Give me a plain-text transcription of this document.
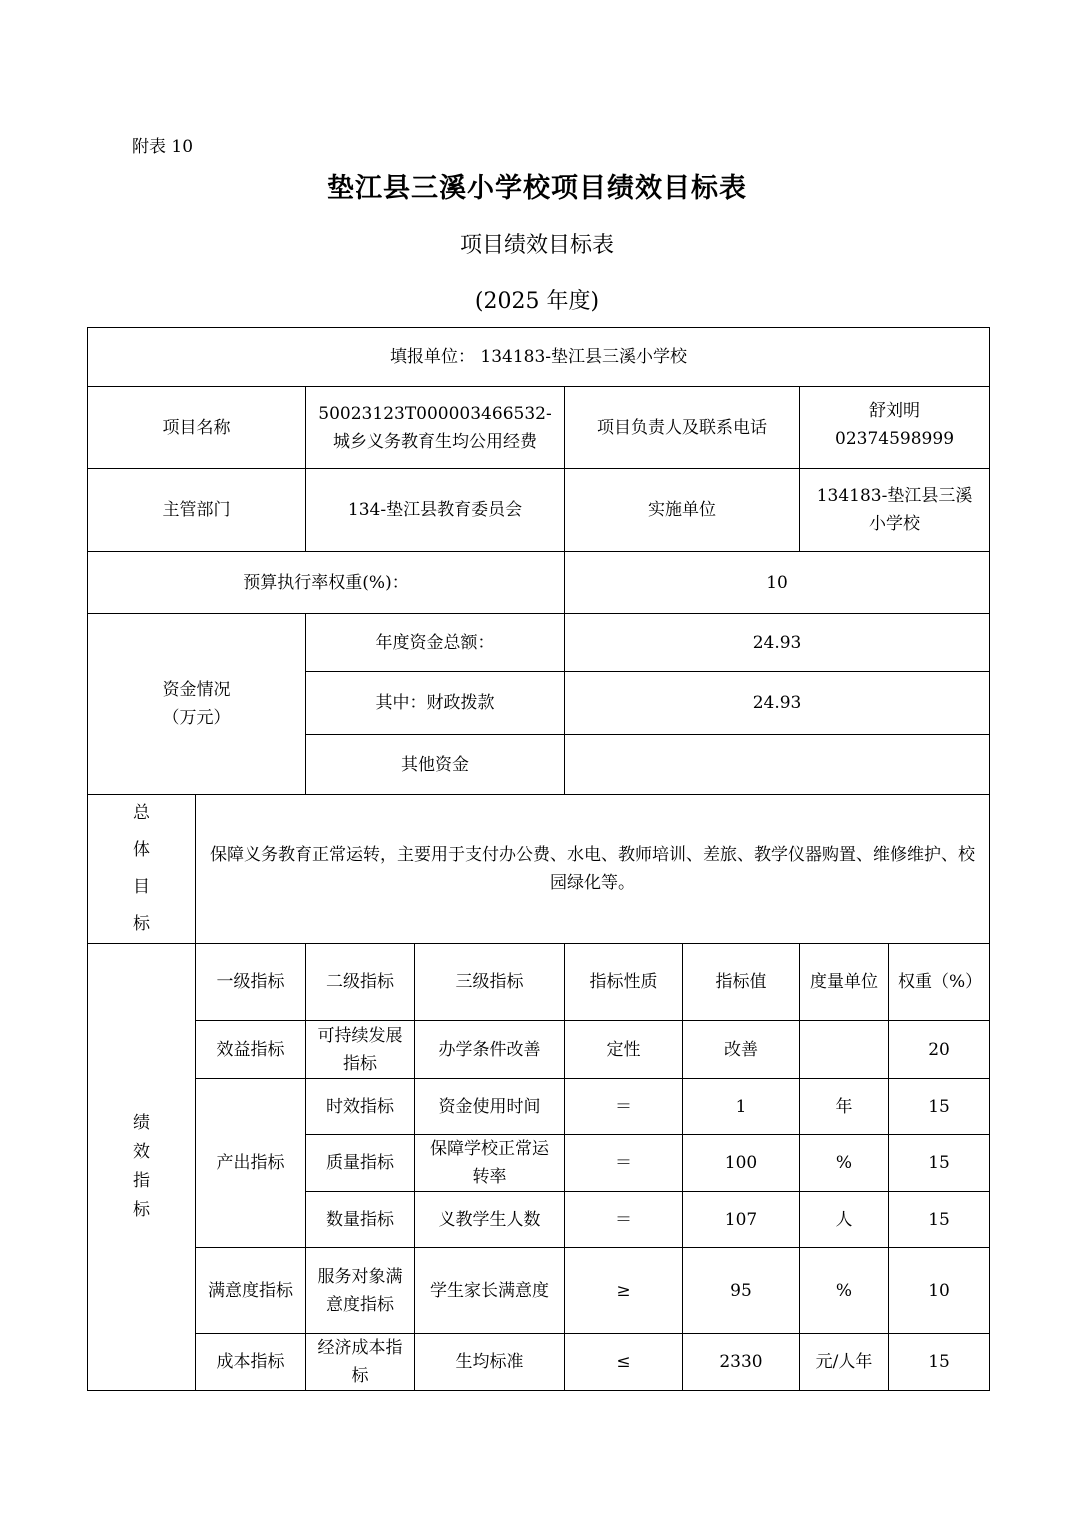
附表 10
垫江县三溪小学校项目绩效目标表
项目绩效目标表
(2025 年度)
填报单位： 134183-垫江县三溪小学校							
项目名称		50023123T000003466532-城乡义务教育生均公用经费		项目负责人及联系电话		舒刘明
02374598999	

主管部门		134-垫江县教育委员会		实施单位		134183-垫江县三溪小学校	
预算执行率权重(%)：				10			

资金情况
（万元）		年度资金总额：		24.93			
		其中：财政拨款		24.93			
		其他资金					
总体目标	保障义务教育正常运转，主要用于支付办公费、水电、教师培训、差旅、教学仪器购置、维修维护、校园绿化等。						
绩效指标	一级指标	二级指标	三级指标	指标性质	指标值	度量单位	权重（%）
	效益指标	可持续发展指标	办学条件改善	定性	改善		20
	产出指标	时效指标	资金使用时间	＝	1	年	15
		质量指标	保障学校正常运转率	＝	100	%	15
		数量指标	义教学生人数	＝	107	人	15
	满意度指标	服务对象满意度指标	学生家长满意度	≥	95	%	10
	成本指标	经济成本指标	生均标准	≤	2330	元/人年	15
